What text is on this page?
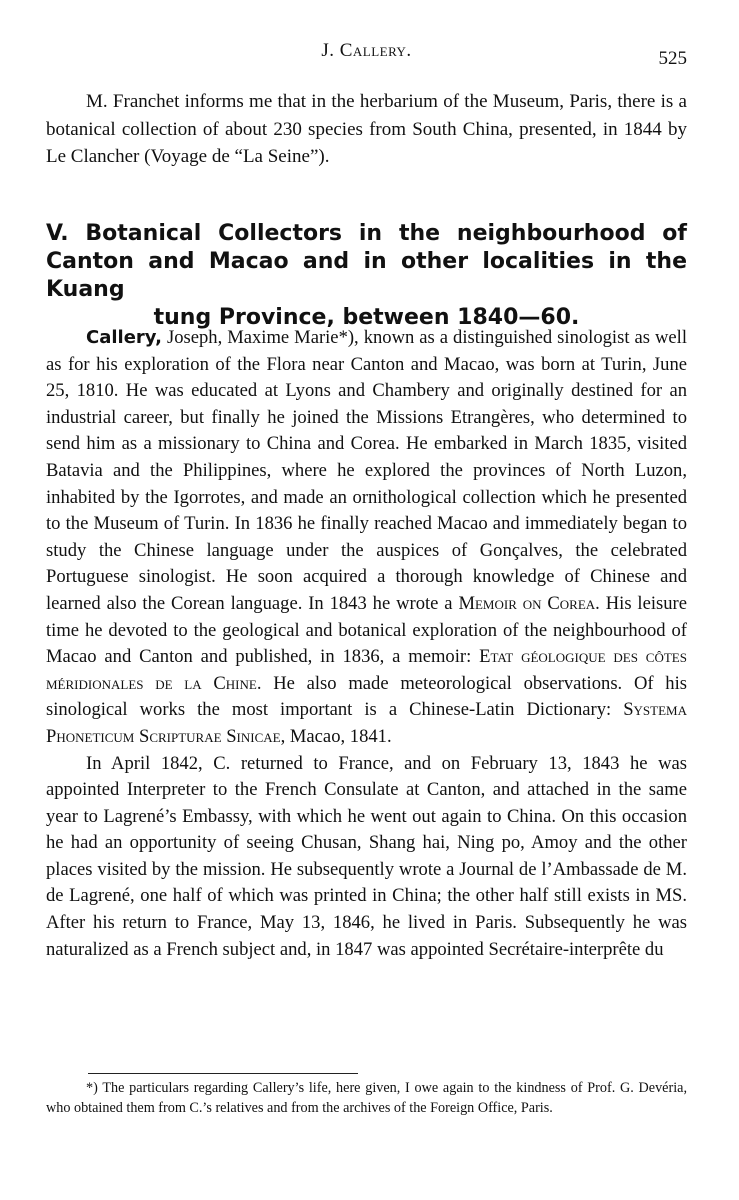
J. Callery.	525

M. Franchet informs me that in the herbarium of the Museum, Paris, there is a botanical collection of about 230 species from South China, presented, in 1844 by Le Clancher (Voyage de “La Seine”).

V. Botanical Collectors in the neighbourhood of Canton and Macao and in other localities in the Kuang
tung Province, between 1840—60.

Callery, Joseph, Maxime Marie*), known as a distinguished sinologist as well as for his exploration of the Flora near Canton and Macao, was born at Turin, June 25, 1810. He was educated at Lyons and Chambery and originally destined for an industrial career, but finally he joined the Missions Etrangères, who determined to send him as a missionary to China and Corea. He embarked in March 1835, visited Batavia and the Philippines, where he explored the provinces of North Luzon, inhabited by the Igorrotes, and made an ornithological collection which he presented to the Museum of Turin. In 1836 he finally reached Macao and immediately began to study the Chinese language under the auspices of Gonçalves, the celebrated Portuguese sinologist. He soon acquired a thorough knowledge of Chinese and learned also the Corean language. In 1843 he wrote a Memoir on Corea. His leisure time he devoted to the geological and botanical exploration of the neighbourhood of Macao and Canton and published, in 1836, a memoir: Etat géologique des côtes méridionales de la Chine. He also made meteorological observations. Of his sinological works the most important is a Chinese-Latin Dictionary: Systema Phoneticum Scripturae Sinicae, Macao, 1841.

In April 1842, C. returned to France, and on February 13, 1843 he was appointed Interpreter to the French Consulate at Canton, and attached in the same year to Lagrené’s Embassy, with which he went out again to China. On this occasion he had an opportunity of seeing Chusan, Shang hai, Ning po, Amoy and the other places visited by the mission. He subsequently wrote a Journal de l’Ambassade de M. de Lagrené, one half of which was printed in China; the other half still exists in MS. After his return to France, May 13, 1846, he lived in Paris. Subsequently he was naturalized as a French subject and, in 1847 was appointed Secrétaire-interprête du

*) The particulars regarding Callery’s life, here given, I owe again to the kindness of Prof. G. Devéria, who obtained them from C.’s relatives and from the archives of the Foreign Office, Paris.
